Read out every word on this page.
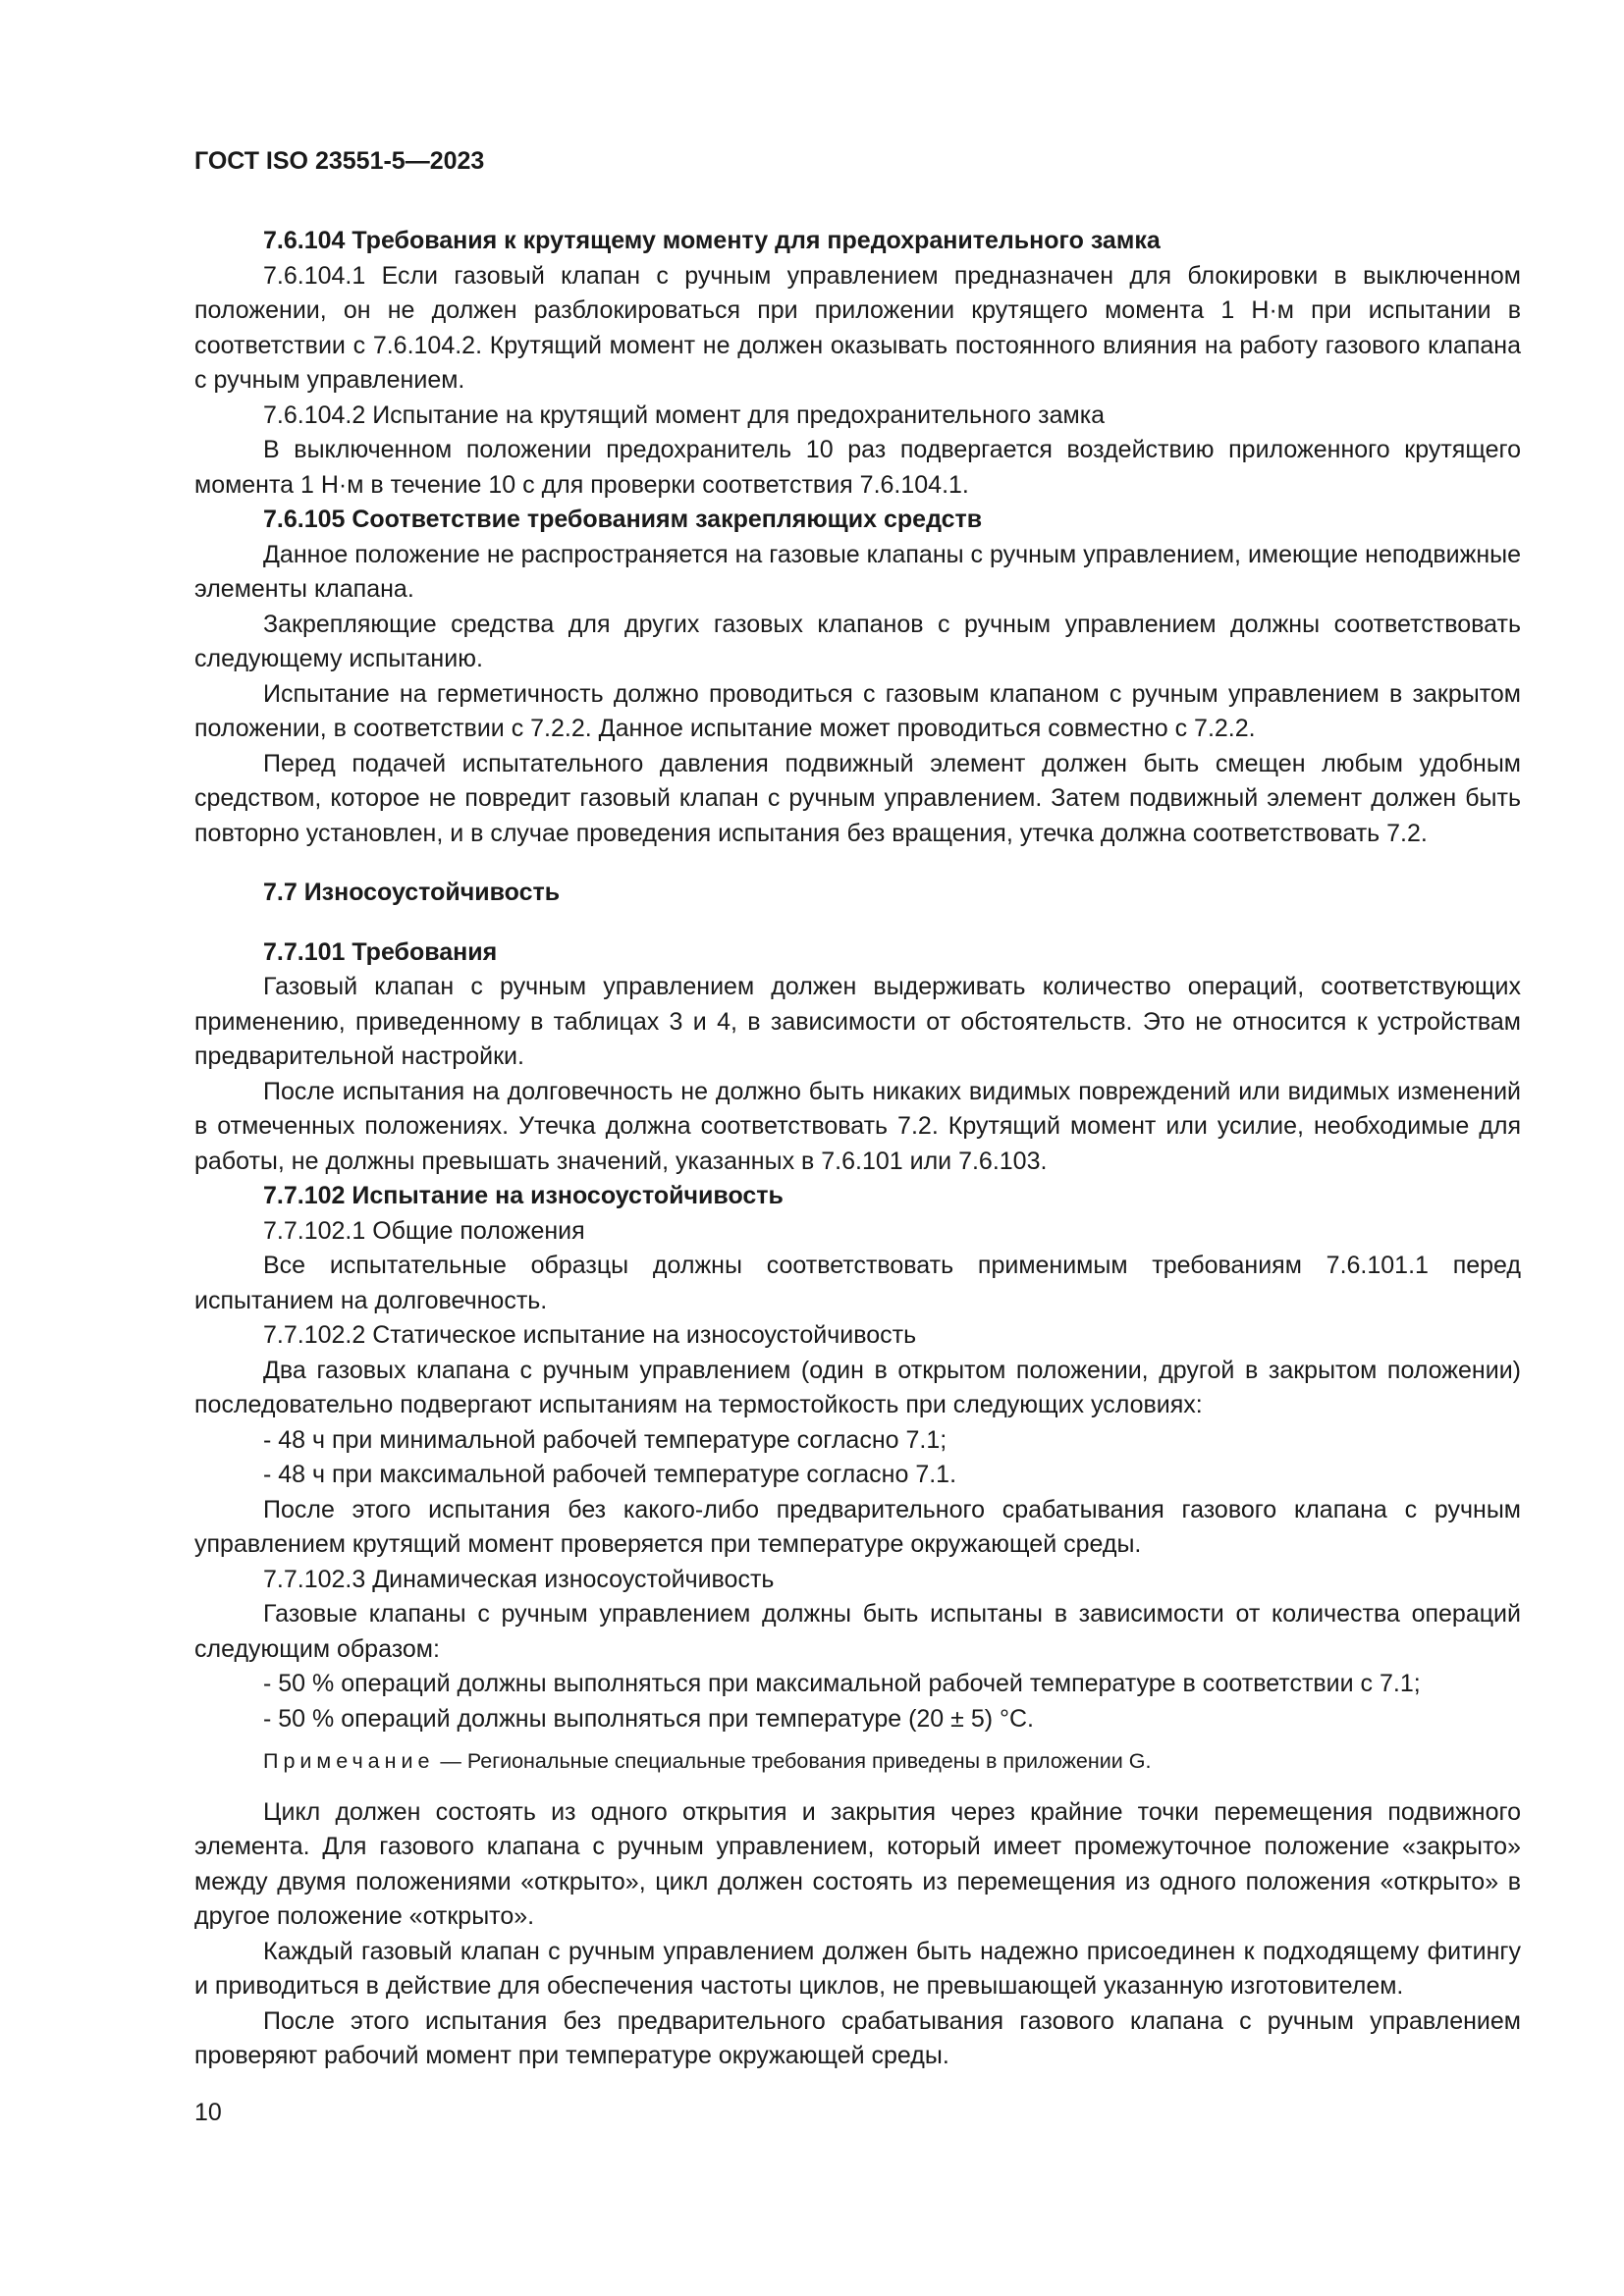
ГОСТ ISO 23551-5—2023

7.6.104 Требования к крутящему моменту для предохранительного замка

7.6.104.1 Если газовый клапан с ручным управлением предназначен для блокировки в выключенном положении, он не должен разблокироваться при приложении крутящего момента 1 Н·м при испытании в соответствии с 7.6.104.2. Крутящий момент не должен оказывать постоянного влияния на работу газового клапана с ручным управлением.

7.6.104.2 Испытание на крутящий момент для предохранительного замка

В выключенном положении предохранитель 10 раз подвергается воздействию приложенного крутящего момента 1 Н·м в течение 10 с для проверки соответствия 7.6.104.1.

7.6.105 Соответствие требованиям закрепляющих средств

Данное положение не распространяется на газовые клапаны с ручным управлением, имеющие неподвижные элементы клапана.

Закрепляющие средства для других газовых клапанов с ручным управлением должны соответствовать следующему испытанию.

Испытание на герметичность должно проводиться с газовым клапаном с ручным управлением в закрытом положении, в соответствии с 7.2.2. Данное испытание может проводиться совместно с 7.2.2.

Перед подачей испытательного давления подвижный элемент должен быть смещен любым удобным средством, которое не повредит газовый клапан с ручным управлением. Затем подвижный элемент должен быть повторно установлен, и в случае проведения испытания без вращения, утечка должна соответствовать 7.2.

7.7 Износоустойчивость

7.7.101 Требования

Газовый клапан с ручным управлением должен выдерживать количество операций, соответствующих применению, приведенному в таблицах 3 и 4, в зависимости от обстоятельств. Это не относится к устройствам предварительной настройки.

После испытания на долговечность не должно быть никаких видимых повреждений или видимых изменений в отмеченных положениях. Утечка должна соответствовать 7.2. Крутящий момент или усилие, необходимые для работы, не должны превышать значений, указанных в 7.6.101 или 7.6.103.

7.7.102 Испытание на износоустойчивость

7.7.102.1 Общие положения

Все испытательные образцы должны соответствовать применимым требованиям 7.6.101.1 перед испытанием на долговечность.

7.7.102.2 Статическое испытание на износоустойчивость

Два газовых клапана с ручным управлением (один в открытом положении, другой в закрытом положении) последовательно подвергают испытаниям на термостойкость при следующих условиях:

- 48 ч при минимальной рабочей температуре согласно 7.1;

- 48 ч при максимальной рабочей температуре согласно 7.1.

После этого испытания без какого-либо предварительного срабатывания газового клапана с ручным управлением крутящий момент проверяется при температуре окружающей среды.

7.7.102.3 Динамическая износоустойчивость

Газовые клапаны с ручным управлением должны быть испытаны в зависимости от количества операций следующим образом:

- 50 % операций должны выполняться при максимальной рабочей температуре в соответствии с 7.1;

- 50 % операций должны выполняться при температуре (20 ± 5) °С.

Примечание — Региональные специальные требования приведены в приложении G.

Цикл должен состоять из одного открытия и закрытия через крайние точки перемещения подвижного элемента. Для газового клапана с ручным управлением, который имеет промежуточное положение «закрыто» между двумя положениями «открыто», цикл должен состоять из перемещения из одного положения «открыто» в другое положение «открыто».

Каждый газовый клапан с ручным управлением должен быть надежно присоединен к подходящему фитингу и приводиться в действие для обеспечения частоты циклов, не превышающей указанную изготовителем.

После этого испытания без предварительного срабатывания газового клапана с ручным управлением проверяют рабочий момент при температуре окружающей среды.

10
